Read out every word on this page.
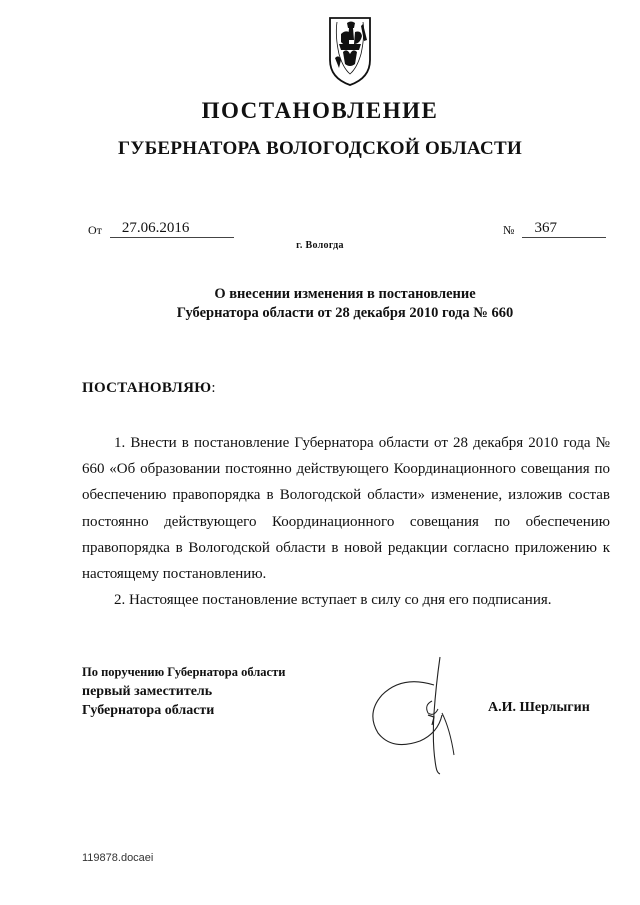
ПОСТАНОВЛЕНИЕ
ГУБЕРНАТОРА ВОЛОГОДСКОЙ ОБЛАСТИ
От 27.06.2016	№ 367
г. Вологда
О внесении изменения в постановление
Губернатора области от 28 декабря 2010 года № 660
ПОСТАНОВЛЯЮ:

1. Внести в постановление Губернатора области от 28 декабря 2010 года № 660 «Об образовании постоянно действующего Координационного совещания по обеспечению правопорядка в Вологодской области» изменение, изложив состав постоянно действующего Координационного совещания по обеспечению правопорядка в Вологодской области в новой редакции согласно приложению к настоящему постановлению.

2. Настоящее постановление вступает в силу со дня его подписания.

По поручению Губернатора области
первый заместитель
Губернатора области	А.И. Шерлыгин
119878.docaei
